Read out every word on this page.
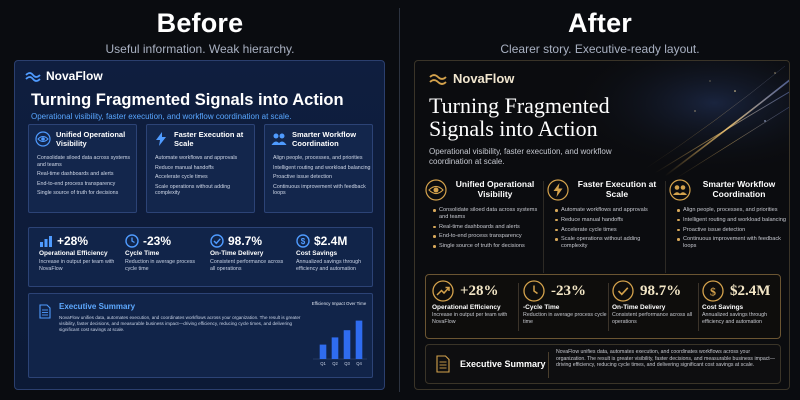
Before
Useful information. Weak hierarchy.
After
Clearer story. Executive-ready layout.
NovaFlow
Turning Fragmented Signals into Action
Operational visibility, faster execution, and workflow coordination at scale.
Unified Operational Visibility
Consolidate siloed data across systems and teams
Real-time dashboards and alerts
End-to-end process transparency
Single source of truth for decisions
Faster Execution at Scale
Automate workflows and approvals
Reduce manual handoffs
Accelerate cycle times
Scale operations without adding complexity
Smarter Workflow Coordination
Align people, processes, and priorities
Intelligent routing and workload balancing
Proactive issue detection
Continuous improvement with feedback loops
+28%
Operational Efficiency
Increase in output per team with NovaFlow
-23%
Cycle Time
Reduction in average process cycle time
98.7%
On-Time Delivery
Consistent performance across all operations
$ $2.4M
Cost Savings
Annualized savings through efficiency and automation
Executive Summary
NovaFlow unifies data, automates execution, and coordinates workflows across your organization. The result is greater visibility, faster decisions, and measurable business impact—driving efficiency, reducing cycle times, and delivering significant cost savings at scale.
Efficiency Impact Over Time
Q1 Q2 Q3 Q4
NovaFlow
Turning Fragmented Signals into Action
Operational visibility, faster execution, and workflow coordination at scale.
Unified Operational Visibility
Consolidate siloed data across systems and teams
Real-time dashboards and alerts
End-to-end process transparency
Single source of truth for decisions
Faster Execution at Scale
Automate workflows and approvals
Reduce manual handoffs
Accelerate cycle times
Scale operations without adding complexity
Smarter Workflow Coordination
Align people, processes, and priorities
Intelligent routing and workload balancing
Proactive issue detection
Continuous improvement with feedback loops
+28%
Operational Efficiency
Increase in output per team with NovaFlow
-23%
-Cycle Time
Reduction in average process cycle time
98.7%
On-Time Delivery
Consistent performance across all operations
$ $2.4M
Cost Savings
Annualized savings through efficiency and automation
Executive Summary
NovaFlow unifies data, automates execution, and coordinates workflows across your organization. The result is greater visibility, faster decisions, and measurable business impact—driving efficiency, reducing cycle times, and delivering significant cost savings at scale.
